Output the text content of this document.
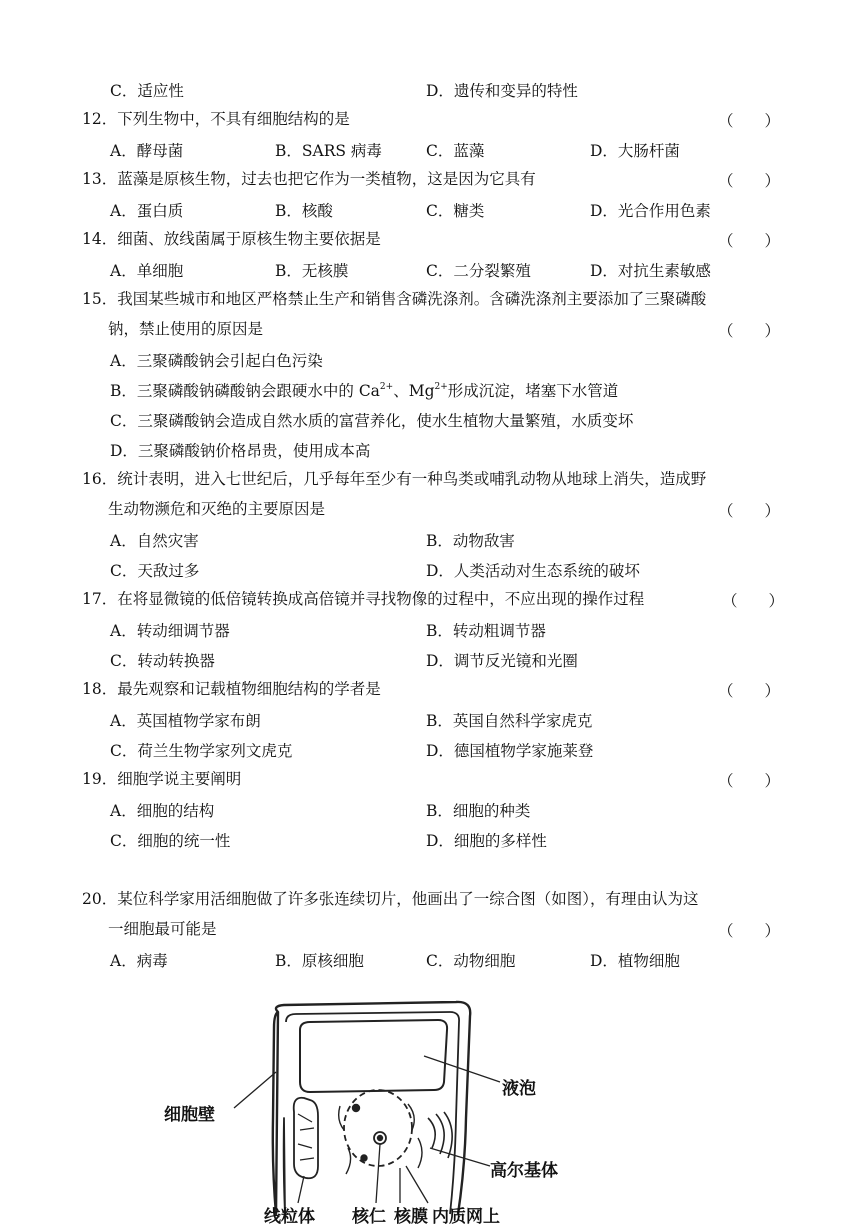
C．适应性	D．遗传和变异的特性
12．下列生物中，不具有细胞结构的是	（　　）
A．酵母菌	B．SARS 病毒	C．蓝藻	D．大肠杆菌
13．蓝藻是原核生物，过去也把它作为一类植物，这是因为它具有	（　　）
A．蛋白质	B．核酸	C．糖类	D．光合作用色素
14．细菌、放线菌属于原核生物主要依据是	（　　）
A．单细胞	B．无核膜	C．二分裂繁殖	D．对抗生素敏感
15．我国某些城市和地区严格禁止生产和销售含磷洗涤剂。含磷洗涤剂主要添加了三聚磷酸
钠，禁止使用的原因是	（　　）
A．三聚磷酸钠会引起白色污染
B．三聚磷酸钠磷酸钠会跟硬水中的 $Ca^{2+}$、$Mg^{2+}$形成沉淀，堵塞下水管道
C．三聚磷酸钠会造成自然水质的富营养化，使水生植物大量繁殖，水质变坏
D．三聚磷酸钠价格昂贵，使用成本高
16．统计表明，进入七世纪后，几乎每年至少有一种鸟类或哺乳动物从地球上消失，造成野
生动物濒危和灭绝的主要原因是	（　　）
A．自然灾害	B．动物敌害
C．天敌过多	D．人类活动对生态系统的破坏
17．在将显微镜的低倍镜转换成高倍镜并寻找物像的过程中，不应出现的操作过程	（　　）
A．转动细调节器	B．转动粗调节器
C．转动转换器	D．调节反光镜和光圈
18．最先观察和记载植物细胞结构的学者是	（　　）
A．英国植物学家布朗	B．英国自然科学家虎克
C．荷兰生物学家列文虎克	D．德国植物学家施莱登
19．细胞学说主要阐明	（　　）
A．细胞的结构	B．细胞的种类
C．细胞的统一性	D．细胞的多样性
20．某位科学家用活细胞做了许多张连续切片，他画出了一综合图（如图），有理由认为这
一细胞最可能是	（　　）
A．病毒	B．原核细胞	C．动物细胞	D．植物细胞
液泡
细胞壁
高尔基体
线粒体 核仁 核膜 内质网上
